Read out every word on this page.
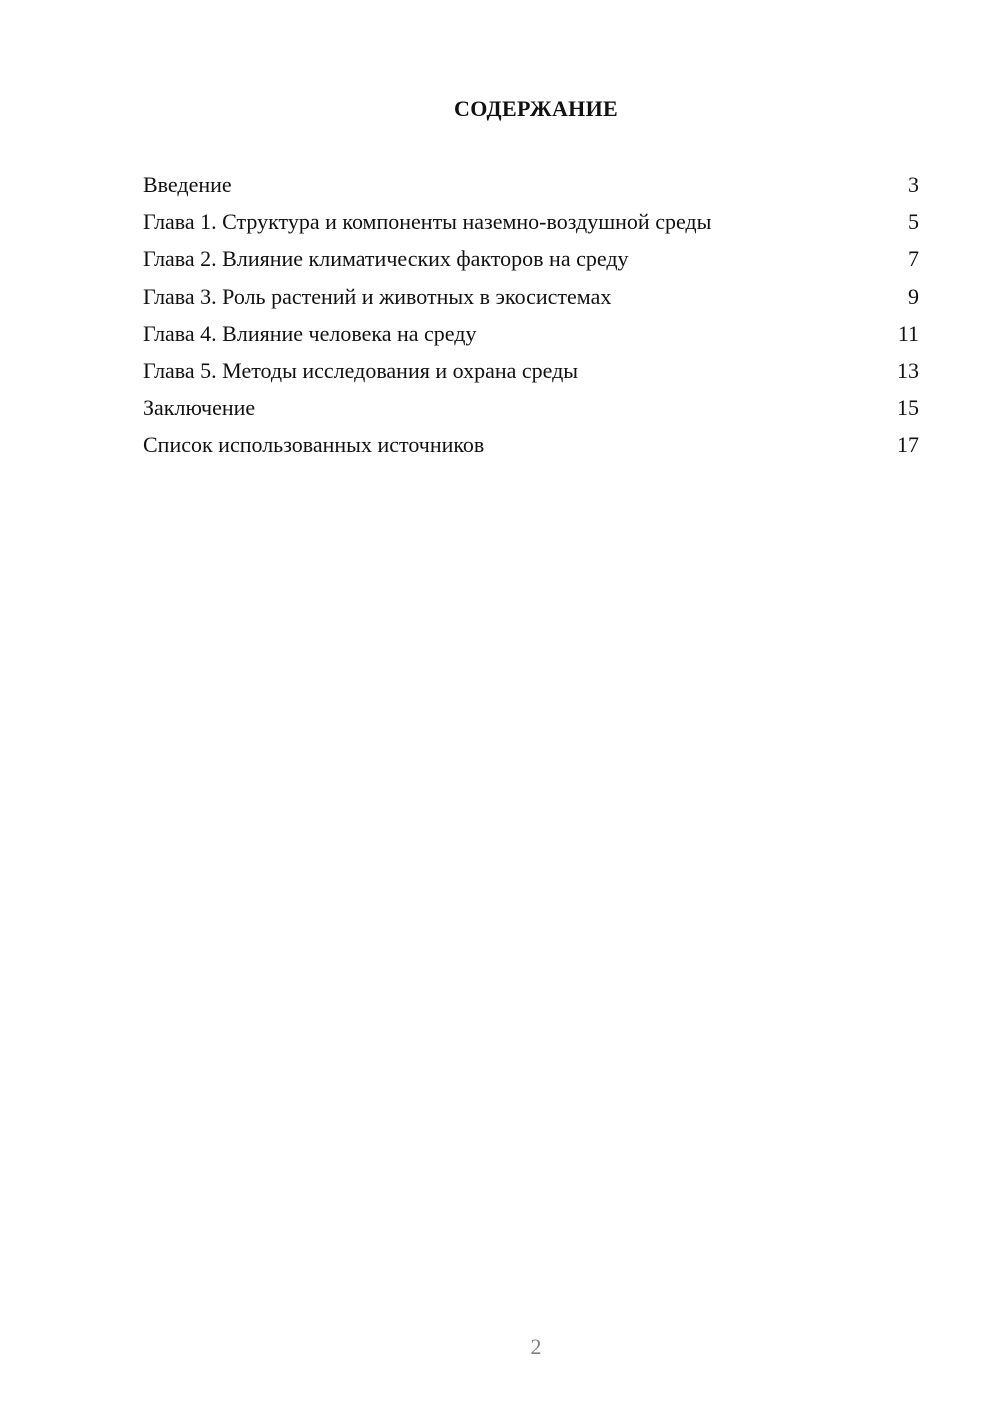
СОДЕРЖАНИЕ
Введение	3
Глава 1. Структура и компоненты наземно-воздушной среды	5
Глава 2. Влияние климатических факторов на среду	7
Глава 3. Роль растений и животных в экосистемах	9
Глава 4. Влияние человека на среду	11
Глава 5. Методы исследования и охрана среды	13
Заключение	15
Список использованных источников	17
2
